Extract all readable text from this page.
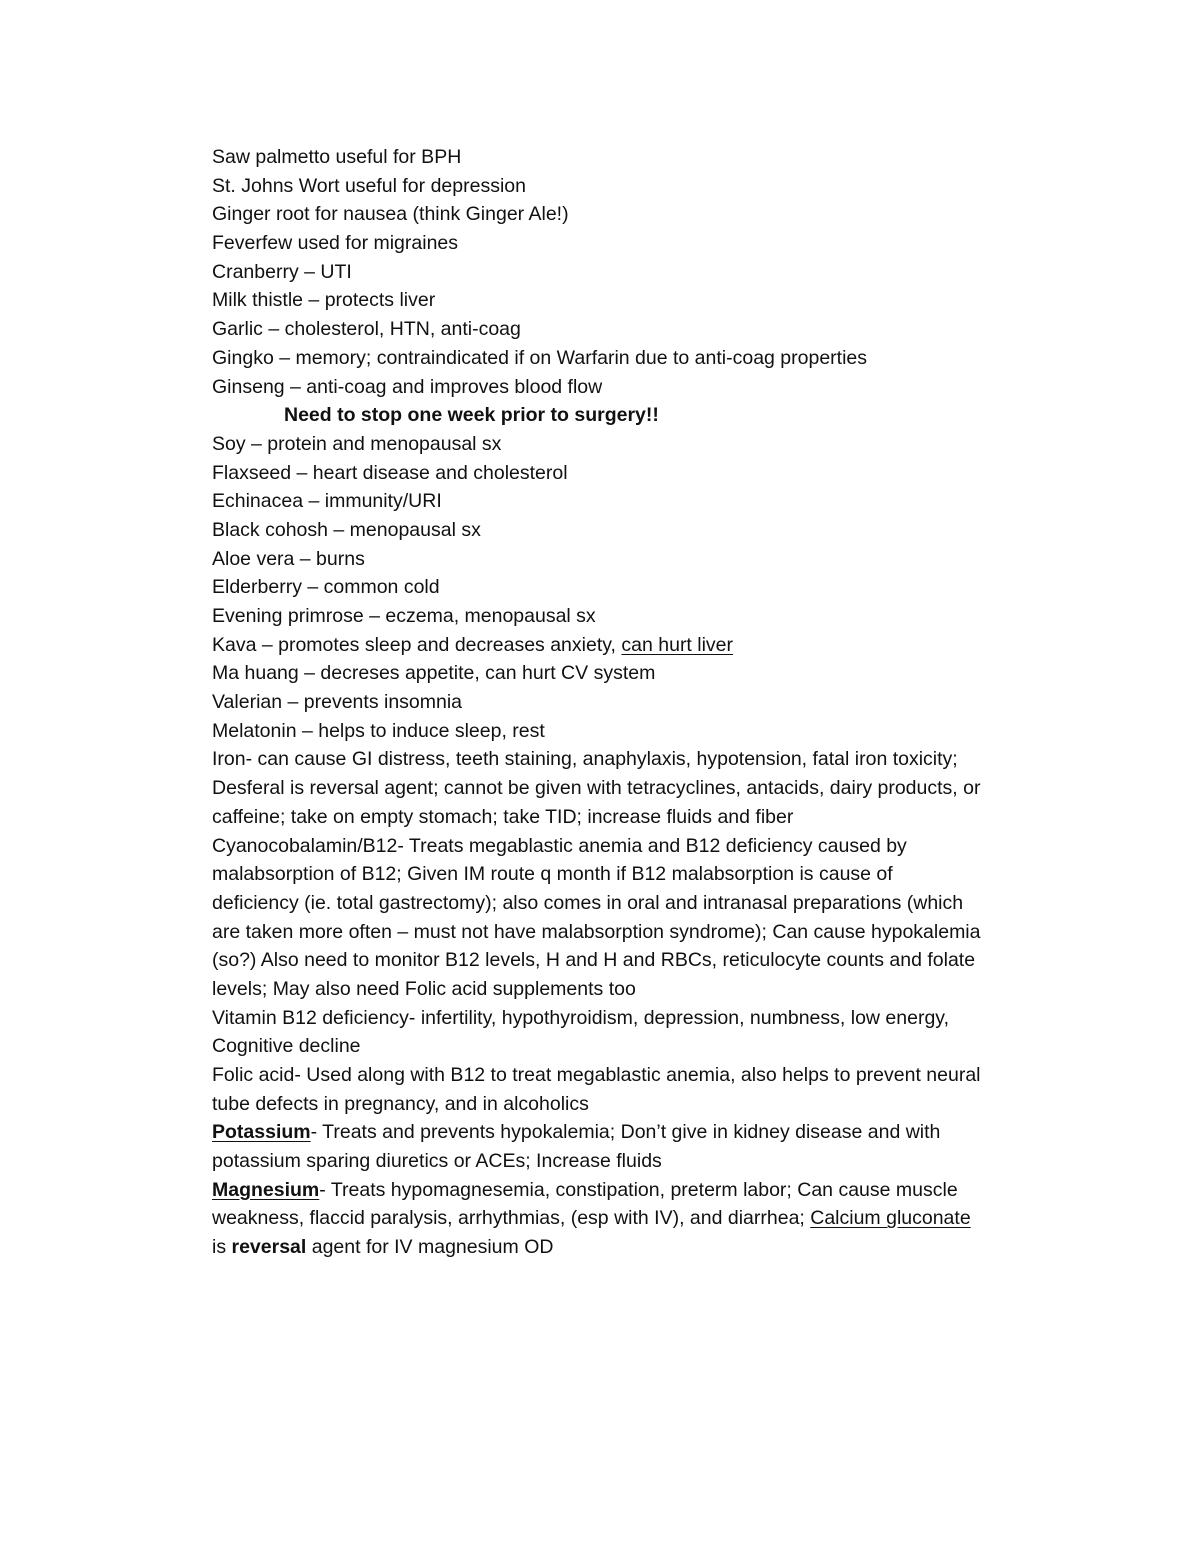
Saw palmetto useful for BPH
St. Johns Wort useful for depression
Ginger root for nausea (think Ginger Ale!)
Feverfew used for migraines
Cranberry – UTI
Milk thistle – protects liver
Garlic – cholesterol, HTN, anti-coag
Gingko – memory; contraindicated if on Warfarin due to anti-coag properties
Ginseng – anti-coag and improves blood flow
Need to stop one week prior to surgery!!
Soy – protein and menopausal sx
Flaxseed – heart disease and cholesterol
Echinacea – immunity/URI
Black cohosh – menopausal sx
Aloe vera – burns
Elderberry – common cold
Evening primrose – eczema, menopausal sx
Kava – promotes sleep and decreases anxiety, can hurt liver
Ma huang – decreses appetite, can hurt CV system
Valerian – prevents insomnia
Melatonin – helps to induce sleep, rest
Iron- can cause GI distress, teeth staining, anaphylaxis, hypotension, fatal iron toxicity;
Desferal is reversal agent; cannot be given with tetracyclines, antacids, dairy products, or
caffeine; take on empty stomach; take TID; increase fluids and fiber
Cyanocobalamin/B12- Treats megablastic anemia and B12 deficiency caused by
malabsorption of B12; Given IM route q month if B12 malabsorption is cause of
deficiency (ie. total gastrectomy); also comes in oral and intranasal preparations (which
are taken more often – must not have malabsorption syndrome); Can cause hypokalemia
(so?) Also need to monitor B12 levels, H and H and RBCs, reticulocyte counts and folate
levels; May also need Folic acid supplements too
Vitamin B12 deficiency- infertility, hypothyroidism, depression, numbness, low energy,
Cognitive decline
Folic acid- Used along with B12 to treat megablastic anemia, also helps to prevent neural
tube defects in pregnancy, and in alcoholics
Potassium- Treats and prevents hypokalemia; Don’t give in kidney disease and with
potassium sparing diuretics or ACEs; Increase fluids
Magnesium- Treats hypomagnesemia, constipation, preterm labor; Can cause muscle
weakness, flaccid paralysis, arrhythmias, (esp with IV), and diarrhea; Calcium gluconate
is reversal agent for IV magnesium OD
